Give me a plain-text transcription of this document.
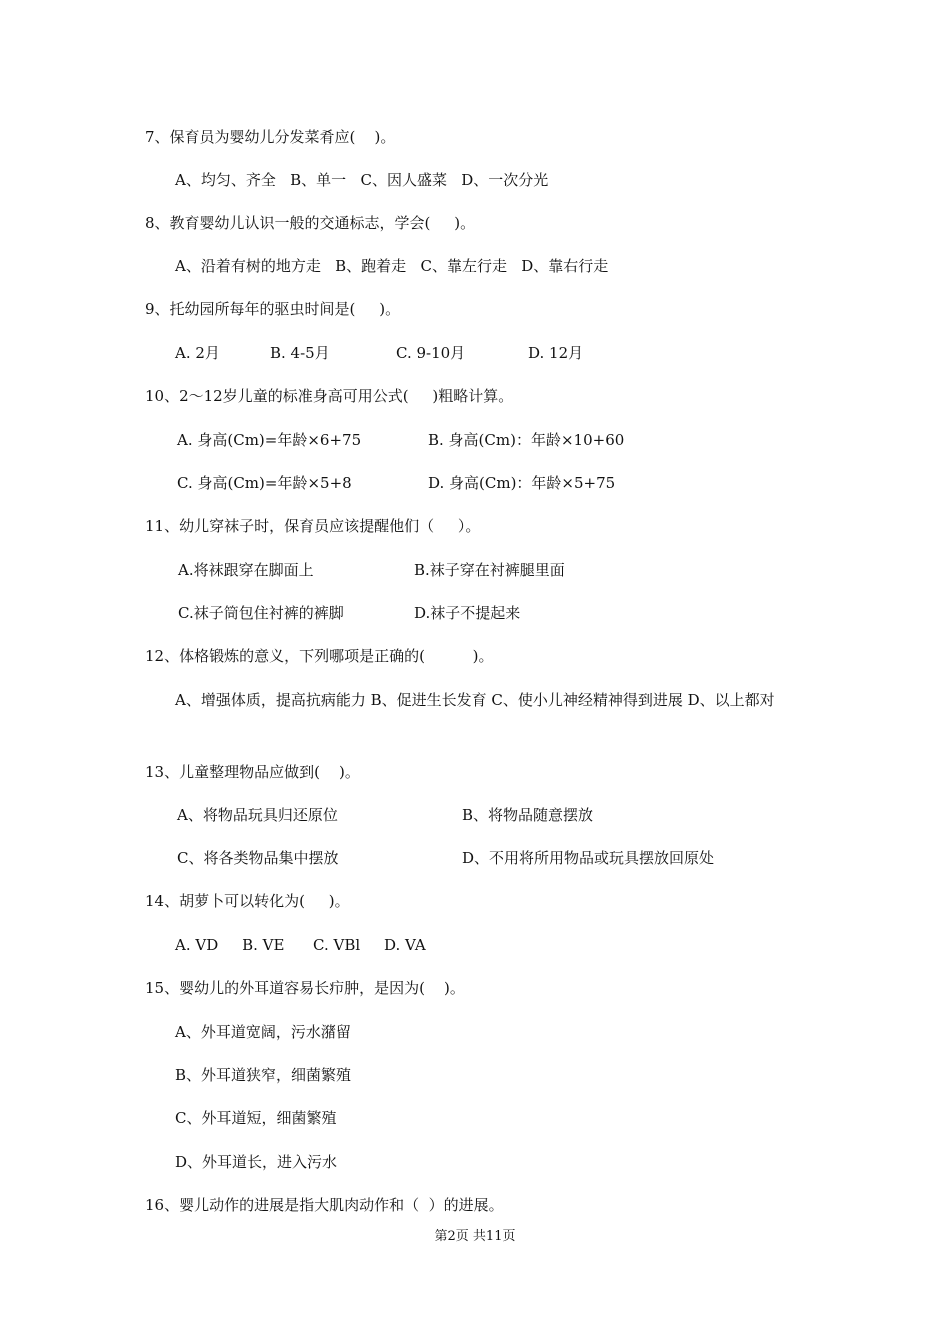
7、保育员为婴幼儿分发菜肴应(    )。
A、均匀、齐全   B、单一   C、因人盛菜   D、一次分光
8、教育婴幼儿认识一般的交通标志，学会(     )。
A、沿着有树的地方走   B、跑着走   C、靠左行走   D、靠右行走
9、托幼园所每年的驱虫时间是(     )。
A. 2月	B. 4-5月	C. 9-10月	D. 12月
10、2～12岁儿童的标准身高可用公式(     )粗略计算。
A. 身高(Cm)=年龄×6+75	B. 身高(Cm)：年龄×10+60
C. 身高(Cm)=年龄×5+8	D. 身高(Cm)：年龄×5+75
11、幼儿穿袜子时，保育员应该提醒他们（     ）。
A.将袜跟穿在脚面上	B.袜子穿在衬裤腿里面
C.袜子筒包住衬裤的裤脚	D.袜子不提起来
12、体格锻炼的意义，下列哪项是正确的(          )。
A、增强体质，提高抗病能力 B、促进生长发育 C、使小儿神经精神得到进展 D、以上都对
13、儿童整理物品应做到(    )。
A、将物品玩具归还原位	B、将物品随意摆放
C、将各类物品集中摆放	D、不用将所用物品或玩具摆放回原处
14、胡萝卜可以转化为(     )。
A. VD     B. VE      C. VBl     D. VA
15、婴幼儿的外耳道容易长疖肿，是因为(    )。
A、外耳道宽阔，污水潴留
B、外耳道狭窄，细菌繁殖
C、外耳道短，细菌繁殖
D、外耳道长，进入污水
16、婴儿动作的进展是指大肌肉动作和（  ）的进展。
第2页 共11页
